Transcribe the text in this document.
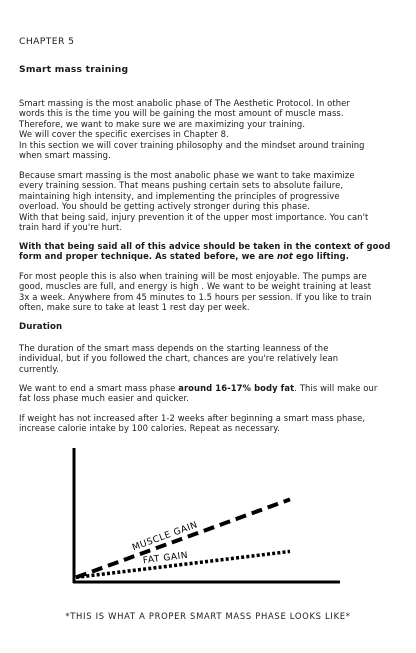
CHAPTER 5
Smart mass training

Smart massing is the most anabolic phase of The Aesthetic Protocol. In other

words this is the time you will be gaining the most amount of muscle mass.

Therefore, we want to make sure we are maximizing your training.

We will cover the specific exercises in Chapter 8.

In this section we will cover training philosophy and the mindset around training

when smart massing.

Because smart massing is the most anabolic phase we want to take maximize

every training session. That means pushing certain sets to absolute failure,

maintaining high intensity, and implementing the principles of progressive

overload. You should be getting actively stronger during this phase.

With that being said, injury prevention it of the upper most importance. You can't

train hard if you're hurt.

With that being said all of this advice should be taken in the context of good

form and proper technique. As stated before, we are not ego lifting.

For most people this is also when training will be most enjoyable. The pumps are

good, muscles are full, and energy is high . We want to be weight training at least

3x a week. Anywhere from 45 minutes to 1.5 hours per session. If you like to train

often, make sure to take at least 1 rest day per week.

Duration

The duration of the smart mass depends on the starting leanness of the

individual, but if you followed the chart, chances are you're relatively lean

currently.

We want to end a smart mass phase around 16-17% body fat. This will make our

fat loss phase much easier and quicker.

If weight has not increased after 1-2 weeks after beginning a smart mass phase,

increase calorie intake by 100 calories. Repeat as necessary.

MUSCLE GAIN
FAT GAIN
*THIS IS WHAT A PROPER SMART MASS PHASE LOOKS LIKE*
